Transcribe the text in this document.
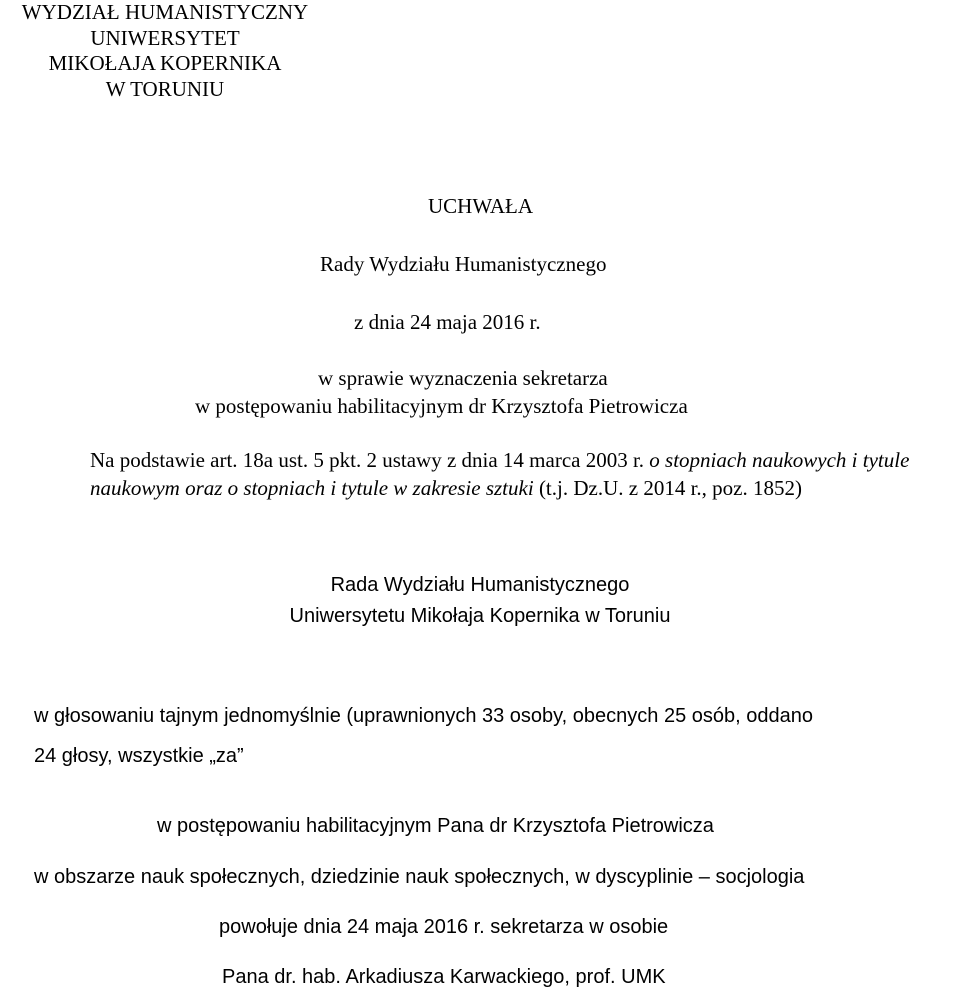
WYDZIAŁ HUMANISTYCZNY
UNIWERSYTET
MIKOŁAJA KOPERNIKA
W TORUNIU
UCHWAŁA
Rady Wydziału Humanistycznego
z dnia 24 maja 2016 r.
w sprawie wyznaczenia sekretarza
w postępowaniu habilitacyjnym dr Krzysztofa Pietrowicza
Na podstawie art. 18a ust. 5 pkt. 2 ustawy z dnia 14 marca 2003 r. o stopniach naukowych i tytule
naukowym oraz o stopniach i tytule w zakresie sztuki (t.j. Dz.U. z 2014 r., poz. 1852)
Rada Wydziału Humanistycznego
Uniwersytetu Mikołaja Kopernika w Toruniu
w głosowaniu tajnym jednomyślnie (uprawnionych 33 osoby, obecnych 25 osób, oddano
24 głosy, wszystkie „za”
w postępowaniu habilitacyjnym Pana dr Krzysztofa Pietrowicza
w obszarze nauk społecznych, dziedzinie nauk społecznych, w dyscyplinie – socjologia
powołuje dnia 24 maja 2016 r. sekretarza w osobie
Pana dr. hab. Arkadiusza Karwackiego, prof. UMK
